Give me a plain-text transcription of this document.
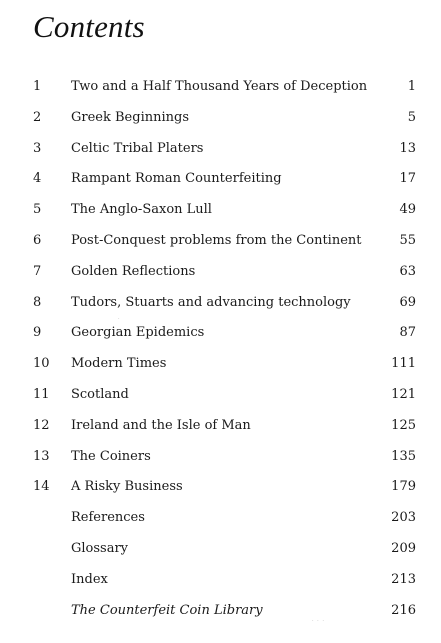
Contents
1 Two and a Half Thousand Years of Deception	1
2 Greek Beginnings	5
3 Celtic Tribal Platers	13
4 Rampant Roman Counterfeiting	17
5 The Anglo-Saxon Lull	49
6 Post-Conquest problems from the Continent	55
7 Golden Reflections	63
8 Tudors, Stuarts and advancing technology	69
9 Georgian Epidemics	87
10 Modern Times	111
11 Scotland	121
12 Ireland and the Isle of Man	125
13 The Coiners	135
14 A Risky Business	179
References	203
Glossary	209
Index	213
The Counterfeit Coin Library	216
·
· · ·
